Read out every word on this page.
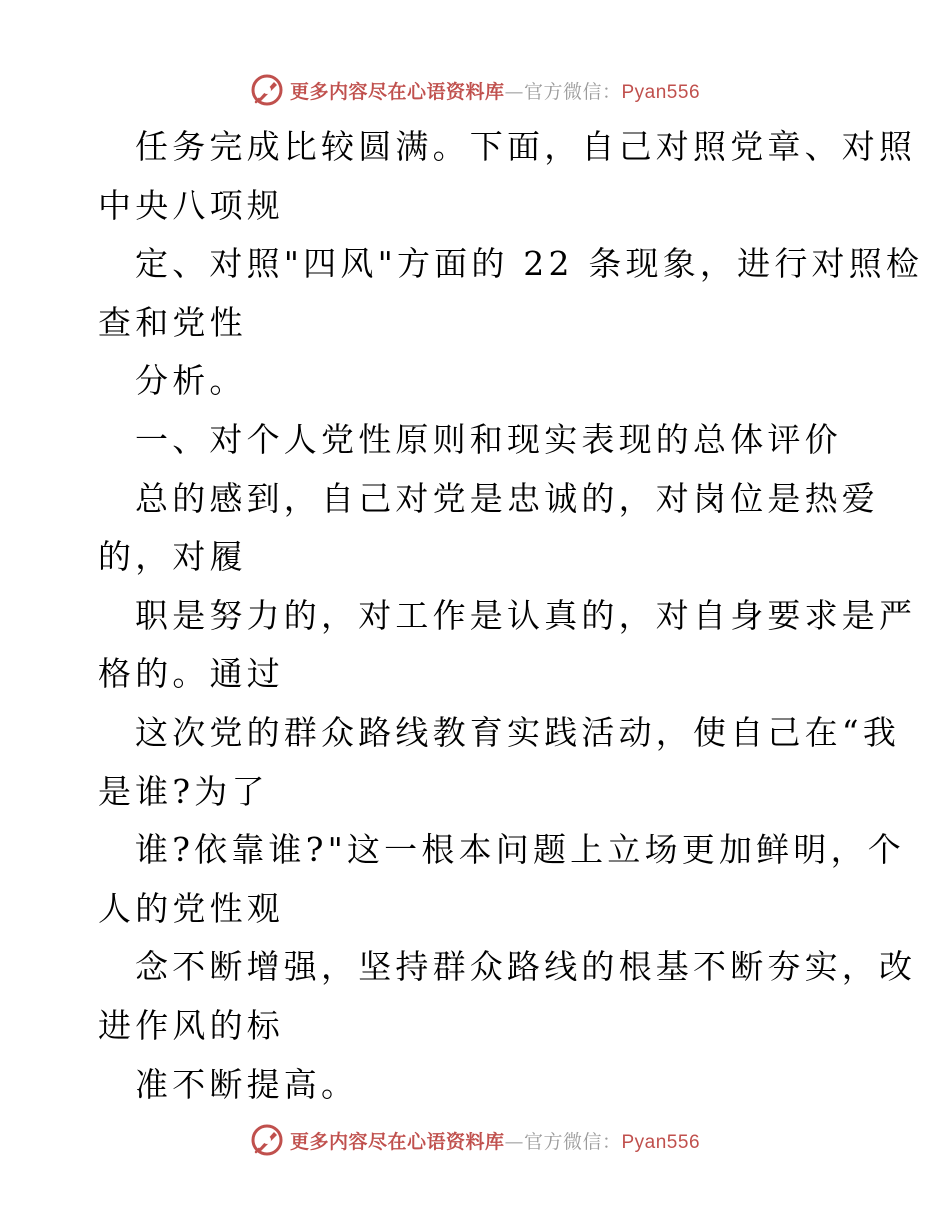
更多内容尽在心语资料库—官方微信：Pyan556
任务完成比较圆满。下面，自己对照党章、对照
中央八项规
定、对照"四风"方面的 22 条现象，进行对照检
查和党性
分析。
一、对个人党性原则和现实表现的总体评价
总的感到，自己对党是忠诚的，对岗位是热爱
的，对履
职是努力的，对工作是认真的，对自身要求是严
格的。通过
这次党的群众路线教育实践活动，使自己在“我
是谁?为了
谁?依靠谁?"这一根本问题上立场更加鲜明，个
人的党性观
念不断增强，坚持群众路线的根基不断夯实，改
进作风的标
准不断提高。
更多内容尽在心语资料库—官方微信：Pyan556
